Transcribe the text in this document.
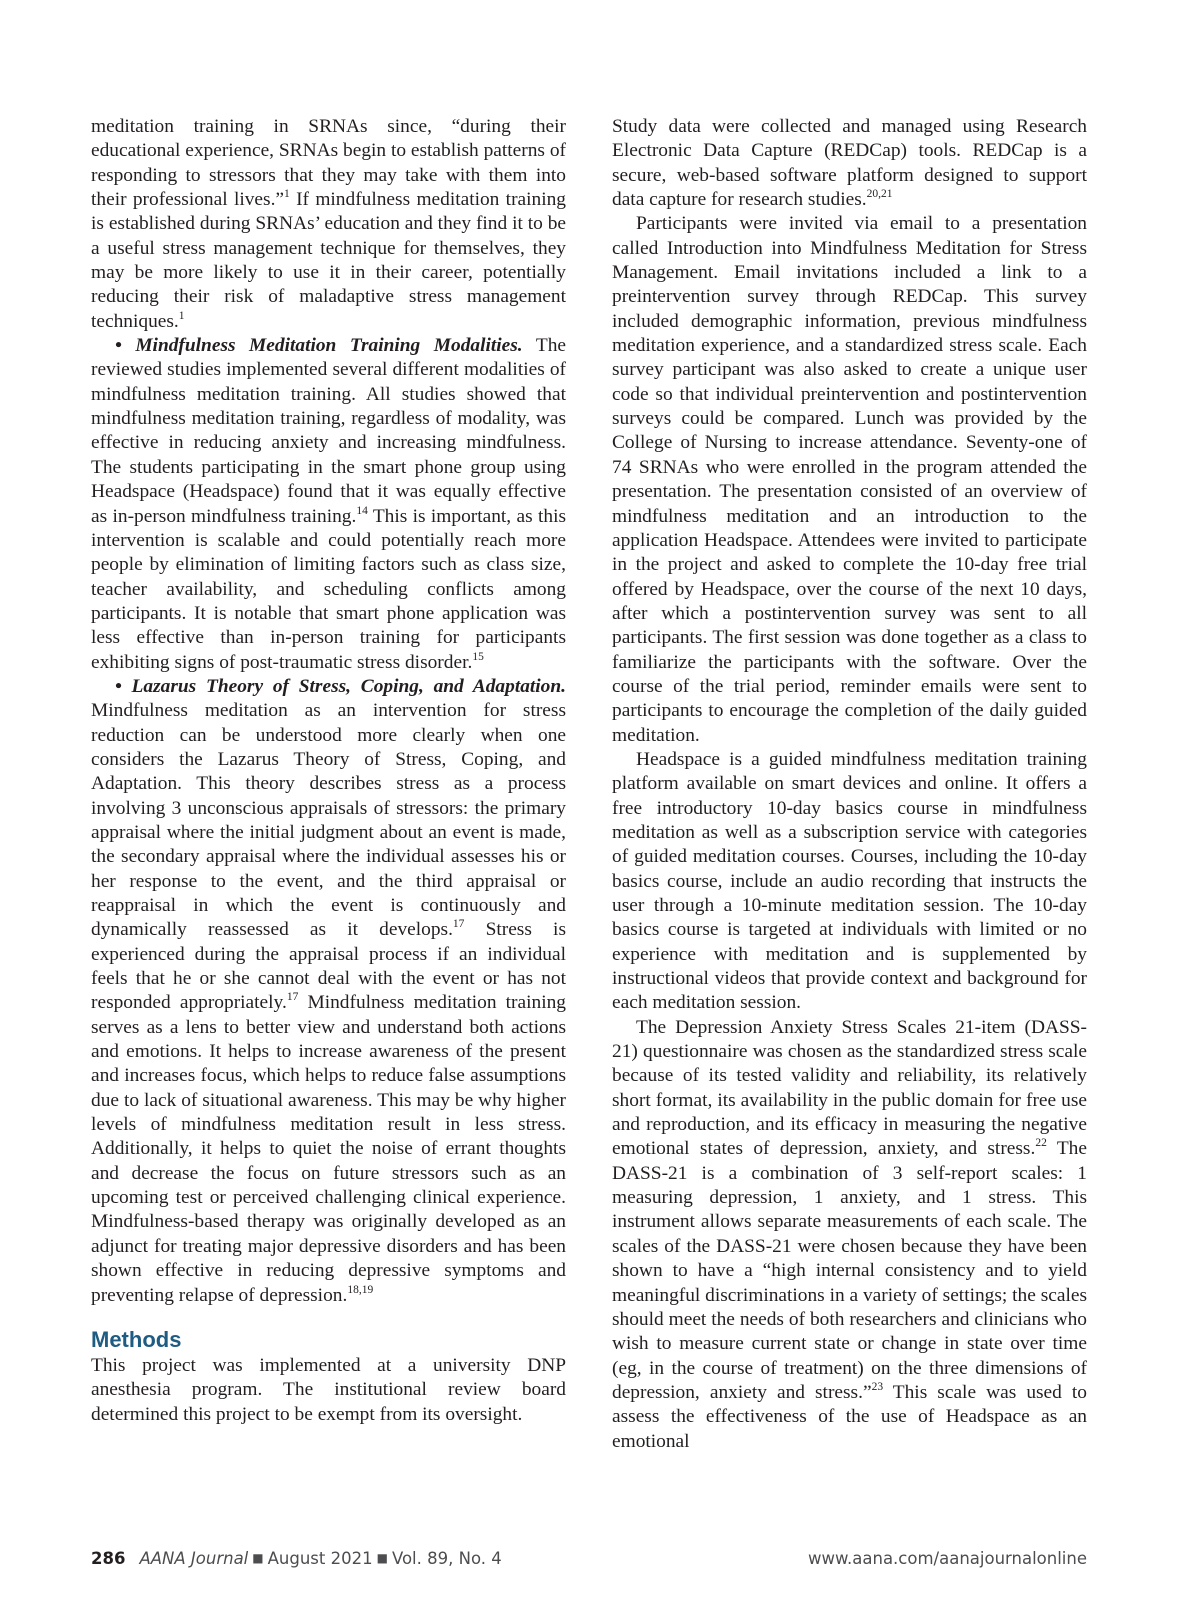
meditation training in SRNAs since, “during their educational experience, SRNAs begin to establish patterns of responding to stressors that they may take with them into their professional lives.”$^1$ If mindfulness meditation training is established during SRNAs’ education and they find it to be a useful stress management technique for themselves, they may be more likely to use it in their career, potentially reducing their risk of maladaptive stress management techniques.$^1$

• Mindfulness Meditation Training Modalities. The reviewed studies implemented several different modalities of mindfulness meditation training. All studies showed that mindfulness meditation training, regardless of modality, was effective in reducing anxiety and increasing mindfulness. The students participating in the smart phone group using Headspace (Headspace) found that it was equally effective as in-person mindfulness training.$^{14}$ This is important, as this intervention is scalable and could potentially reach more people by elimination of limiting factors such as class size, teacher availability, and scheduling conflicts among participants. It is notable that smart phone application was less effective than in-person training for participants exhibiting signs of post-traumatic stress disorder.$^{15}$

• Lazarus Theory of Stress, Coping, and Adaptation. Mindfulness meditation as an intervention for stress reduction can be understood more clearly when one considers the Lazarus Theory of Stress, Coping, and Adaptation. This theory describes stress as a process involving 3 unconscious appraisals of stressors: the primary appraisal where the initial judgment about an event is made, the secondary appraisal where the individual assesses his or her response to the event, and the third appraisal or reappraisal in which the event is continuously and dynamically reassessed as it develops.$^{17}$ Stress is experienced during the appraisal process if an individual feels that he or she cannot deal with the event or has not responded appropriately.$^{17}$ Mindfulness meditation training serves as a lens to better view and understand both actions and emotions. It helps to increase awareness of the present and increases focus, which helps to reduce false assumptions due to lack of situational awareness. This may be why higher levels of mindfulness meditation result in less stress. Additionally, it helps to quiet the noise of errant thoughts and decrease the focus on future stressors such as an upcoming test or perceived challenging clinical experience. Mindfulness-based therapy was originally developed as an adjunct for treating major depressive disorders and has been shown effective in reducing depressive symptoms and preventing relapse of depression.$^{18,19}$

Methods

This project was implemented at a university DNP anesthesia program. The institutional review board determined this project to be exempt from its oversight.

Study data were collected and managed using Research Electronic Data Capture (REDCap) tools. REDCap is a secure, web-based software platform designed to support data capture for research studies.$^{20,21}$

Participants were invited via email to a presentation called Introduction into Mindfulness Meditation for Stress Management. Email invitations included a link to a preintervention survey through REDCap. This survey included demographic information, previous mindfulness meditation experience, and a standardized stress scale. Each survey participant was also asked to create a unique user code so that individual preintervention and postintervention surveys could be compared. Lunch was provided by the College of Nursing to increase attendance. Seventy-one of 74 SRNAs who were enrolled in the program attended the presentation. The presentation consisted of an overview of mindfulness meditation and an introduction to the application Headspace. Attendees were invited to participate in the project and asked to complete the 10-day free trial offered by Headspace, over the course of the next 10 days, after which a postintervention survey was sent to all participants. The first session was done together as a class to familiarize the participants with the software. Over the course of the trial period, reminder emails were sent to participants to encourage the completion of the daily guided meditation.

Headspace is a guided mindfulness meditation training platform available on smart devices and online. It offers a free introductory 10-day basics course in mindfulness meditation as well as a subscription service with categories of guided meditation courses. Courses, including the 10-day basics course, include an audio recording that instructs the user through a 10-minute meditation session. The 10-day basics course is targeted at individuals with limited or no experience with meditation and is supplemented by instructional videos that provide context and background for each meditation session.

The Depression Anxiety Stress Scales 21-item (DASS-21) questionnaire was chosen as the standardized stress scale because of its tested validity and reliability, its relatively short format, its availability in the public domain for free use and reproduction, and its efficacy in measuring the negative emotional states of depression, anxiety, and stress.$^{22}$ The DASS-21 is a combination of 3 self-report scales: 1 measuring depression, 1 anxiety, and 1 stress. This instrument allows separate measurements of each scale. The scales of the DASS-21 were chosen because they have been shown to have a “high internal consistency and to yield meaningful discriminations in a variety of settings; the scales should meet the needs of both researchers and clinicians who wish to measure current state or change in state over time (eg, in the course of treatment) on the three dimensions of depression, anxiety and stress.”$^{23}$ This scale was used to assess the effectiveness of the use of Headspace as an emotional

286 AANA Journal ■ August 2021 ■ Vol. 89, No. 4	www.aana.com/aanajournalonline
